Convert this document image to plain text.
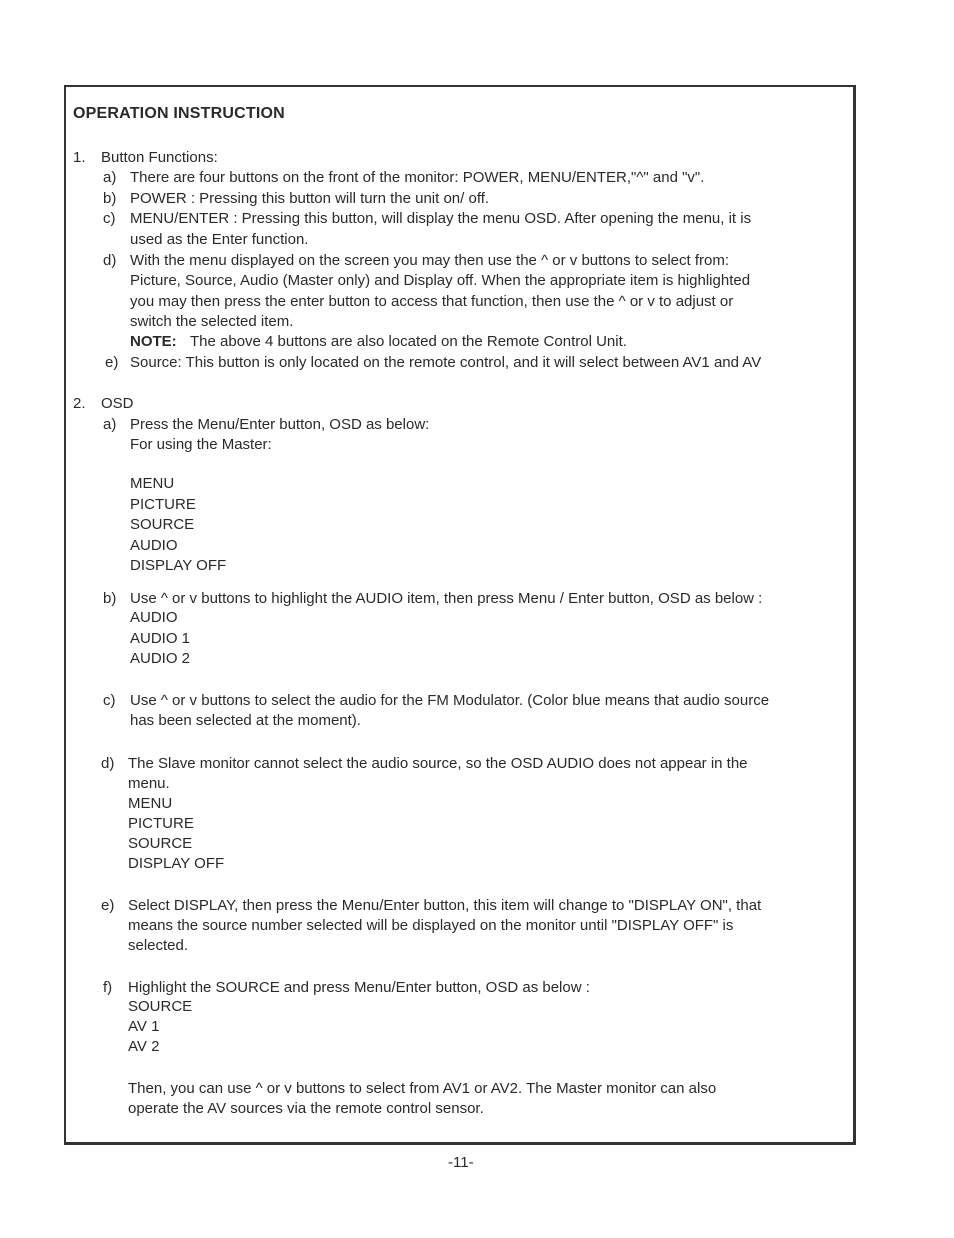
OPERATION INSTRUCTION
1. Button Functions:
a) There are four buttons on the front of the monitor: POWER, MENU/ENTER,"^" and "v".
b) POWER : Pressing this button will turn the unit on/ off.
c) MENU/ENTER : Pressing this button, will display the menu OSD. After opening the menu, it is
used as the Enter function.
d) With the menu displayed on the screen you may then use the ^ or v buttons to select from:
Picture, Source, Audio (Master only) and Display off. When the appropriate item is highlighted
you may then press the enter button to access that function, then use the ^ or v to adjust or
switch the selected item.
NOTE: The above 4 buttons are also located on the Remote Control Unit.
e) Source: This button is only located on the remote control, and it will select between AV1 and AV
2. OSD
a) Press the Menu/Enter button, OSD as below:
For using the Master:
MENU
PICTURE
SOURCE
AUDIO
DISPLAY OFF
b) Use ^ or v buttons to highlight the AUDIO item, then press Menu / Enter button, OSD as below :
AUDIO
AUDIO 1
AUDIO 2
c) Use ^ or v buttons to select the audio for the FM Modulator. (Color blue means that audio source
has been selected at the moment).
d) The Slave monitor cannot select the audio source, so the OSD AUDIO does not appear in the
menu.
MENU
PICTURE
SOURCE
DISPLAY OFF
e) Select DISPLAY, then press the Menu/Enter button, this item will change to "DISPLAY ON", that
means the source number selected will be displayed on the monitor until "DISPLAY OFF" is
selected.
f) Highlight the SOURCE and press Menu/Enter button, OSD as below :
SOURCE
AV 1
AV 2
Then, you can use ^ or v buttons to select from AV1 or AV2. The Master monitor can also
operate the AV sources via the remote control sensor.
-11-
